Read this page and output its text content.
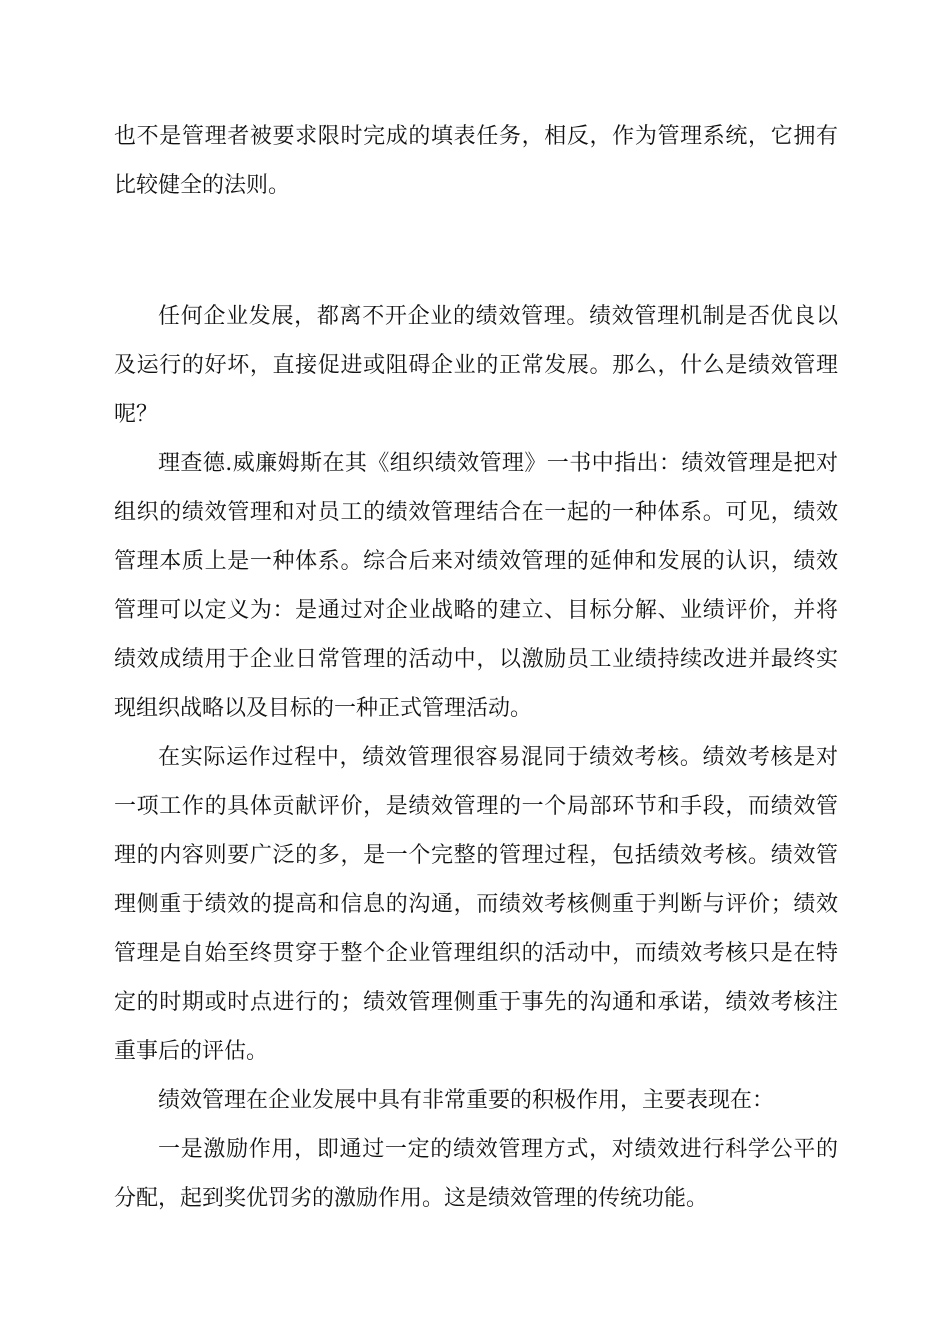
也不是管理者被要求限时完成的填表任务，相反，作为管理系统，它拥有比较健全的法则。

任何企业发展，都离不开企业的绩效管理。绩效管理机制是否优良以及运行的好坏，直接促进或阻碍企业的正常发展。那么，什么是绩效管理呢？

理查德.威廉姆斯在其《组织绩效管理》一书中指出：绩效管理是把对组织的绩效管理和对员工的绩效管理结合在一起的一种体系。可见，绩效管理本质上是一种体系。综合后来对绩效管理的延伸和发展的认识，绩效管理可以定义为：是通过对企业战略的建立、目标分解、业绩评价，并将绩效成绩用于企业日常管理的活动中，以激励员工业绩持续改进并最终实现组织战略以及目标的一种正式管理活动。

在实际运作过程中，绩效管理很容易混同于绩效考核。绩效考核是对一项工作的具体贡献评价，是绩效管理的一个局部环节和手段，而绩效管理的内容则要广泛的多，是一个完整的管理过程，包括绩效考核。绩效管理侧重于绩效的提高和信息的沟通，而绩效考核侧重于判断与评价；绩效管理是自始至终贯穿于整个企业管理组织的活动中，而绩效考核只是在特定的时期或时点进行的；绩效管理侧重于事先的沟通和承诺，绩效考核注重事后的评估。

绩效管理在企业发展中具有非常重要的积极作用，主要表现在：

一是激励作用，即通过一定的绩效管理方式，对绩效进行科学公平的分配，起到奖优罚劣的激励作用。这是绩效管理的传统功能。
